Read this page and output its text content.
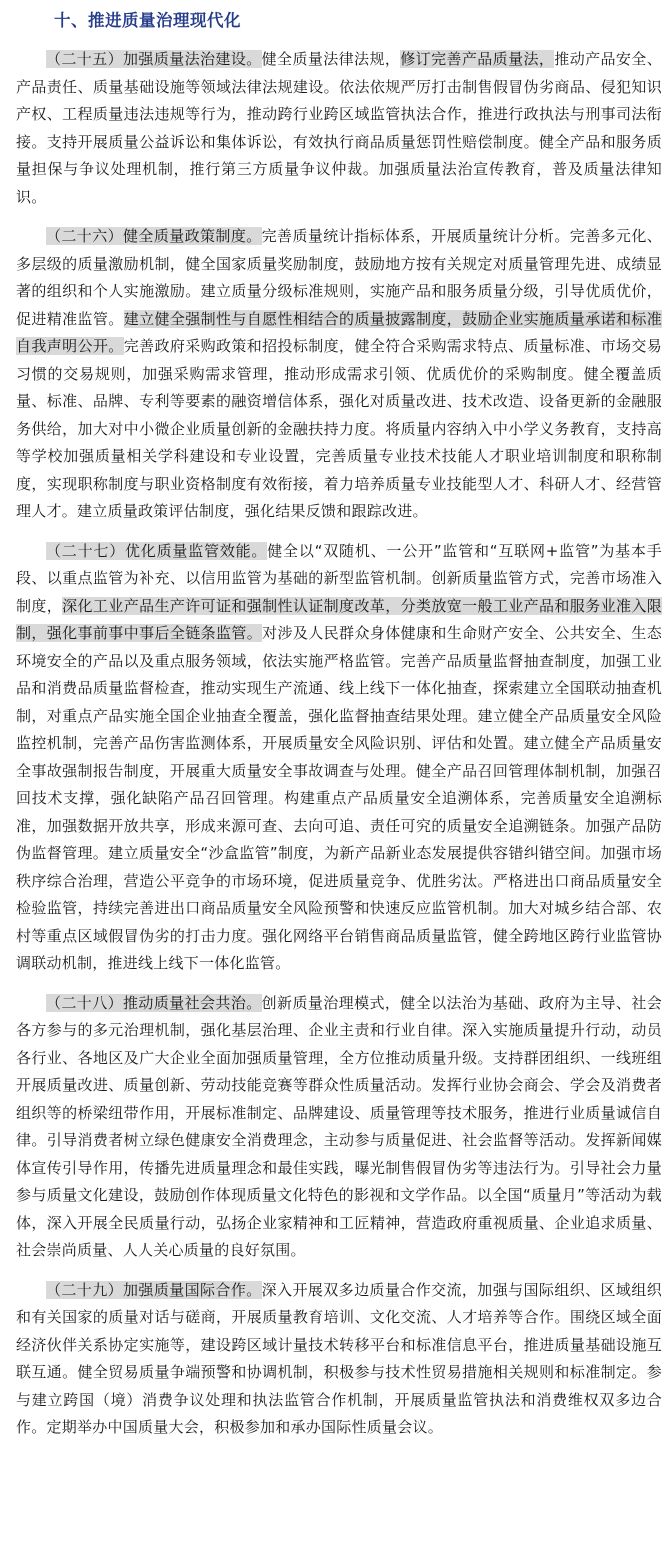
十、推进质量治理现代化

（二十五）加强质量法治建设。健全质量法律法规，修订完善产品质量法，推动产品安全、产品责任、质量基础设施等领域法律法规建设。依法依规严厉打击制售假冒伪劣商品、侵犯知识产权、工程质量违法违规等行为，推动跨行业跨区域监管执法合作，推进行政执法与刑事司法衔接。支持开展质量公益诉讼和集体诉讼，有效执行商品质量惩罚性赔偿制度。健全产品和服务质量担保与争议处理机制，推行第三方质量争议仲裁。加强质量法治宣传教育，普及质量法律知识。

（二十六）健全质量政策制度。完善质量统计指标体系，开展质量统计分析。完善多元化、多层级的质量激励机制，健全国家质量奖励制度，鼓励地方按有关规定对质量管理先进、成绩显著的组织和个人实施激励。建立质量分级标准规则，实施产品和服务质量分级，引导优质优价，促进精准监管。建立健全强制性与自愿性相结合的质量披露制度，鼓励企业实施质量承诺和标准自我声明公开。完善政府采购政策和招投标制度，健全符合采购需求特点、质量标准、市场交易习惯的交易规则，加强采购需求管理，推动形成需求引领、优质优价的采购制度。健全覆盖质量、标准、品牌、专利等要素的融资增信体系，强化对质量改进、技术改造、设备更新的金融服务供给，加大对中小微企业质量创新的金融扶持力度。将质量内容纳入中小学义务教育，支持高等学校加强质量相关学科建设和专业设置，完善质量专业技术技能人才职业培训制度和职称制度，实现职称制度与职业资格制度有效衔接，着力培养质量专业技能型人才、科研人才、经营管理人才。建立质量政策评估制度，强化结果反馈和跟踪改进。

（二十七）优化质量监管效能。健全以“双随机、一公开”监管和“互联网+监管”为基本手段、以重点监管为补充、以信用监管为基础的新型监管机制。创新质量监管方式，完善市场准入制度，深化工业产品生产许可证和强制性认证制度改革，分类放宽一般工业产品和服务业准入限制，强化事前事中事后全链条监管。对涉及人民群众身体健康和生命财产安全、公共安全、生态环境安全的产品以及重点服务领域，依法实施严格监管。完善产品质量监督抽查制度，加强工业品和消费品质量监督检查，推动实现生产流通、线上线下一体化抽查，探索建立全国联动抽查机制，对重点产品实施全国企业抽查全覆盖，强化监督抽查结果处理。建立健全产品质量安全风险监控机制，完善产品伤害监测体系，开展质量安全风险识别、评估和处置。建立健全产品质量安全事故强制报告制度，开展重大质量安全事故调查与处理。健全产品召回管理体制机制，加强召回技术支撑，强化缺陷产品召回管理。构建重点产品质量安全追溯体系，完善质量安全追溯标准，加强数据开放共享，形成来源可查、去向可追、责任可究的质量安全追溯链条。加强产品防伪监督管理。建立质量安全“沙盒监管”制度，为新产品新业态发展提供容错纠错空间。加强市场秩序综合治理，营造公平竞争的市场环境，促进质量竞争、优胜劣汰。严格进出口商品质量安全检验监管，持续完善进出口商品质量安全风险预警和快速反应监管机制。加大对城乡结合部、农村等重点区域假冒伪劣的打击力度。强化网络平台销售商品质量监管，健全跨地区跨行业监管协调联动机制，推进线上线下一体化监管。

（二十八）推动质量社会共治。创新质量治理模式，健全以法治为基础、政府为主导、社会各方参与的多元治理机制，强化基层治理、企业主责和行业自律。深入实施质量提升行动，动员各行业、各地区及广大企业全面加强质量管理，全方位推动质量升级。支持群团组织、一线班组开展质量改进、质量创新、劳动技能竞赛等群众性质量活动。发挥行业协会商会、学会及消费者组织等的桥梁纽带作用，开展标准制定、品牌建设、质量管理等技术服务，推进行业质量诚信自律。引导消费者树立绿色健康安全消费理念，主动参与质量促进、社会监督等活动。发挥新闻媒体宣传引导作用，传播先进质量理念和最佳实践，曝光制售假冒伪劣等违法行为。引导社会力量参与质量文化建设，鼓励创作体现质量文化特色的影视和文学作品。以全国“质量月”等活动为载体，深入开展全民质量行动，弘扬企业家精神和工匠精神，营造政府重视质量、企业追求质量、社会崇尚质量、人人关心质量的良好氛围。

（二十九）加强质量国际合作。深入开展双多边质量合作交流，加强与国际组织、区域组织和有关国家的质量对话与磋商，开展质量教育培训、文化交流、人才培养等合作。围绕区域全面经济伙伴关系协定实施等，建设跨区域计量技术转移平台和标准信息平台，推进质量基础设施互联互通。健全贸易质量争端预警和协调机制，积极参与技术性贸易措施相关规则和标准制定。参与建立跨国（境）消费争议处理和执法监管合作机制，开展质量监管执法和消费维权双多边合作。定期举办中国质量大会，积极参加和承办国际性质量会议。
